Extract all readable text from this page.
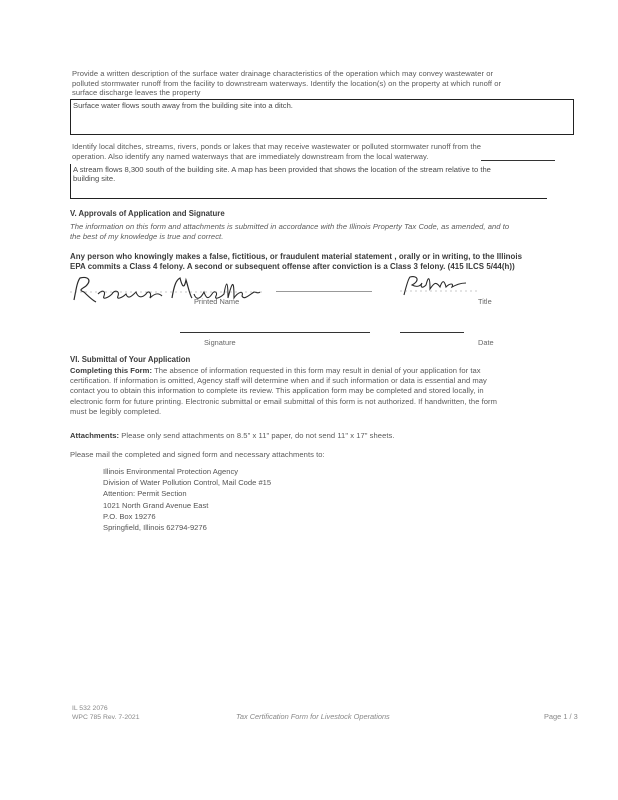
Provide a written description of the surface water drainage characteristics of the operation which may convey wastewater or
polluted stormwater runoff from the facility to downstream waterways. Identify the location(s) on the property at which runoff or
surface discharge leaves the property
Surface water flows south away from the building site into a ditch.
Identify local ditches, streams, rivers, ponds or lakes that may receive wastewater or polluted stormwater runoff from the
operation. Also identify any named waterways that are immediately downstream from the local waterway.
A stream flows 8,300 south of the building site. A map has been provided that shows the location of the stream relative to the
building site.
V. Approvals of Application and Signature
The information on this form and attachments is submitted in accordance with the Illinois Property Tax Code, as amended, and to
the best of my knowledge is true and correct.
Any person who knowingly makes a false, fictitious, or fraudulent material statement , orally or in writing, to the Illinois
EPA commits a Class 4 felony. A second or subsequent offense after conviction is a Class 3 felony. (415 ILCS 5/44(h))
Printed Name	Title
Signature	Date
VI. Submittal of Your Application
Completing this Form: The absence of information requested in this form may result in denial of your application for tax
certification. If information is omitted, Agency staff will determine when and if such information or data is essential and may
contact you to obtain this information to complete its review. This application form may be completed and stored locally, in
electronic form for future printing. Electronic submittal or email submittal of this form is not authorized. If handwritten, the form
must be legibly completed.
Attachments: Please only send attachments on 8.5" x 11" paper, do not send 11" x 17" sheets.
Please mail the completed and signed form and necessary attachments to:
Illinois Environmental Protection Agency
Division of Water Pollution Control, Mail Code #15
Attention: Permit Section
1021 North Grand Avenue East
P.O. Box 19276
Springfield, Illinois 62794-9276
IL 532 2076
WPC 785 Rev. 7-2021	Tax Certification Form for Livestock Operations	Page 1 / 3
